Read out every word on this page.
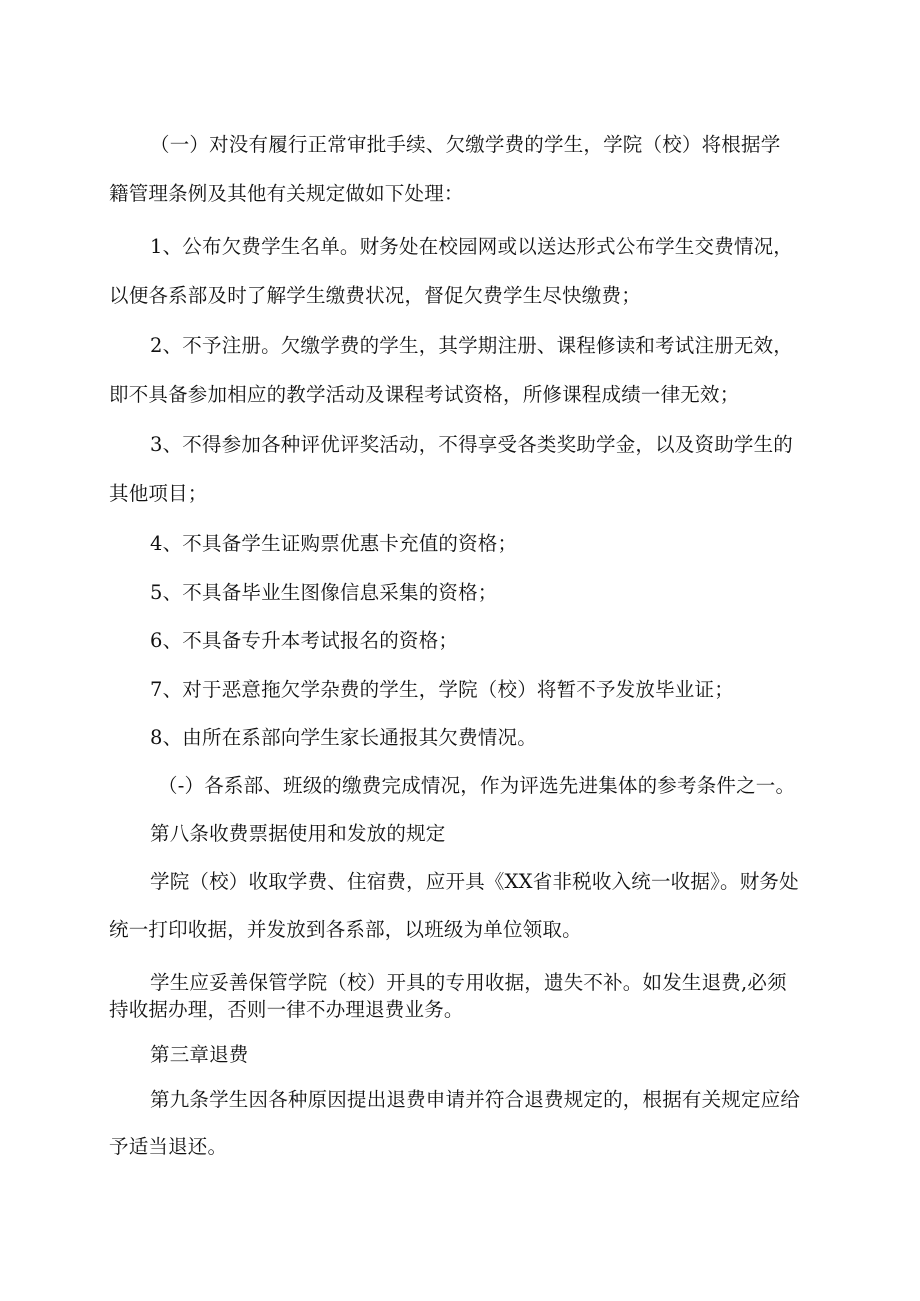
（一）对没有履行正常审批手续、欠缴学费的学生，学院（校）将根据学
籍管理条例及其他有关规定做如下处理：
1、公布欠费学生名单。财务处在校园网或以送达形式公布学生交费情况，
以便各系部及时了解学生缴费状况，督促欠费学生尽快缴费；
2、不予注册。欠缴学费的学生，其学期注册、课程修读和考试注册无效，
即不具备参加相应的教学活动及课程考试资格，所修课程成绩一律无效；
3、不得参加各种评优评奖活动，不得享受各类奖助学金，以及资助学生的
其他项目；
4、不具备学生证购票优惠卡充值的资格；
5、不具备毕业生图像信息采集的资格；
6、不具备专升本考试报名的资格；
7、对于恶意拖欠学杂费的学生，学院（校）将暂不予发放毕业证；
8、由所在系部向学生家长通报其欠费情况。
（-）各系部、班级的缴费完成情况，作为评选先进集体的参考条件之一。
第八条收费票据使用和发放的规定
学院（校）收取学费、住宿费，应开具《XX省非税收入统一收据》。财务处
统一打印收据，并发放到各系部，以班级为单位领取。
学生应妥善保管学院（校）开具的专用收据，遗失不补。如发生退费,必须
持收据办理，否则一律不办理退费业务。
第三章退费
第九条学生因各种原因提出退费申请并符合退费规定的，根据有关规定应给
予适当退还。
